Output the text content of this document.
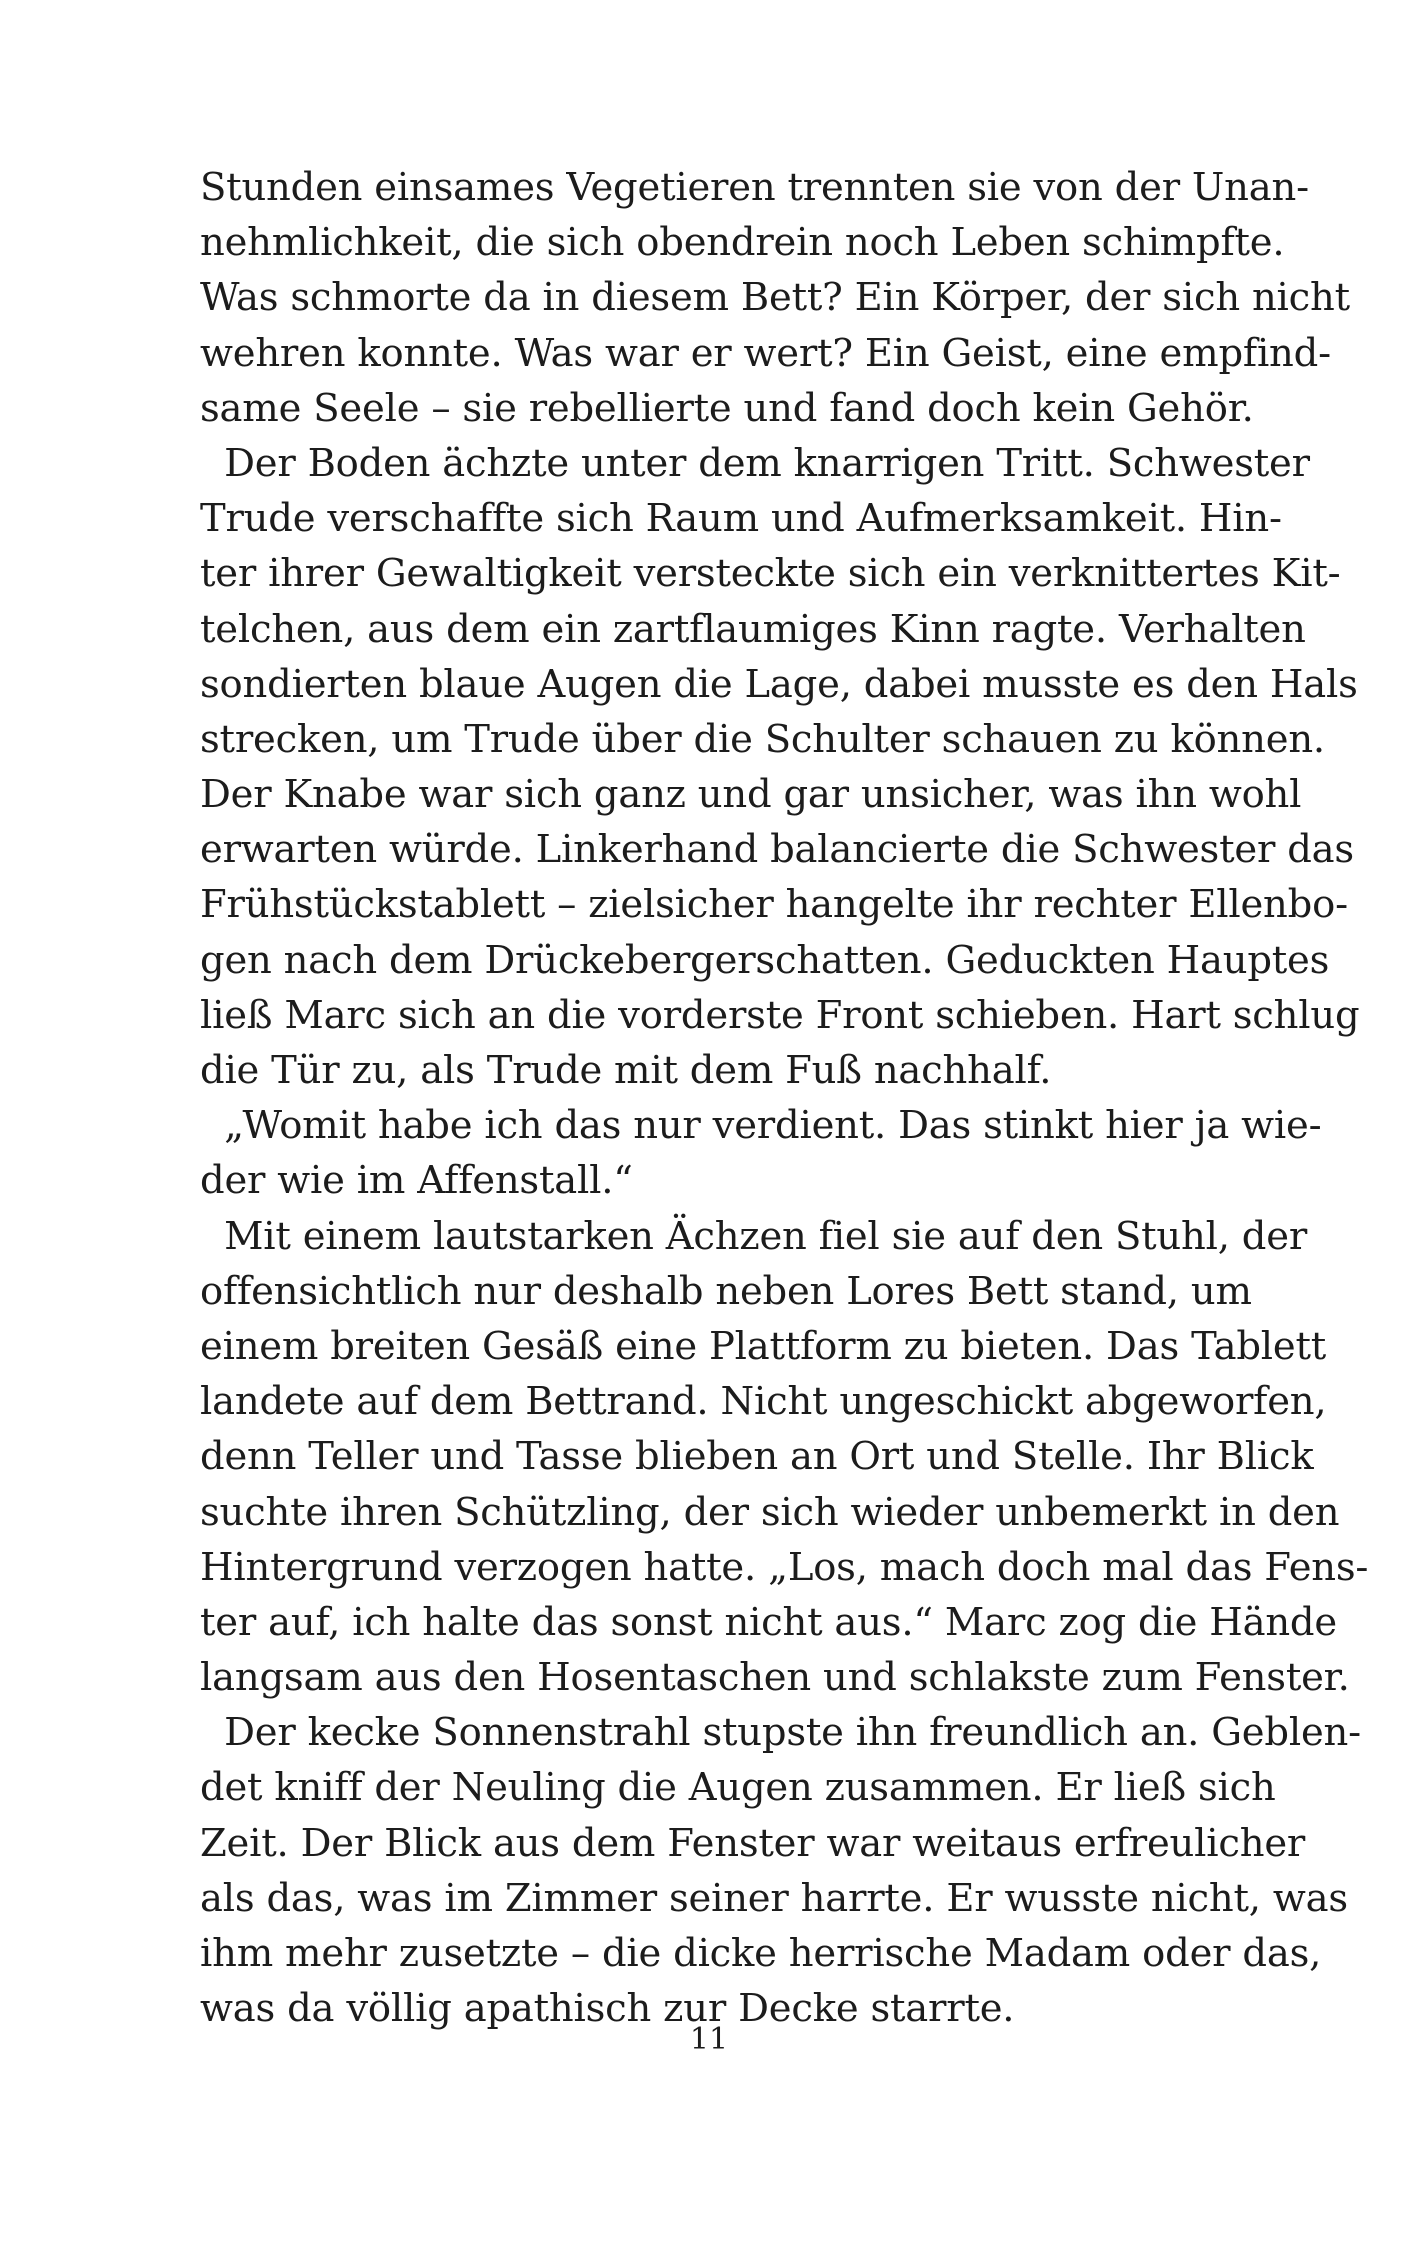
Stunden einsames Vegetieren trennten sie von der Unan-
nehmlichkeit, die sich obendrein noch Leben schimpfte.
Was schmorte da in diesem Bett? Ein Körper, der sich nicht
wehren konnte. Was war er wert? Ein Geist, eine empfind-
same Seele – sie rebellierte und fand doch kein Gehör.
Der Boden ächzte unter dem knarrigen Tritt. Schwester
Trude verschaffte sich Raum und Aufmerksamkeit. Hin-
ter ihrer Gewaltigkeit versteckte sich ein verknittertes Kit-
telchen, aus dem ein zartflaumiges Kinn ragte. Verhalten
sondierten blaue Augen die Lage, dabei musste es den Hals
strecken, um Trude über die Schulter schauen zu können.
Der Knabe war sich ganz und gar unsicher, was ihn wohl
erwarten würde. Linkerhand balancierte die Schwester das
Frühstückstablett – zielsicher hangelte ihr rechter Ellenbo-
gen nach dem Drückebergerschatten. Geduckten Hauptes
ließ Marc sich an die vorderste Front schieben. Hart schlug
die Tür zu, als Trude mit dem Fuß nachhalf.
„Womit habe ich das nur verdient. Das stinkt hier ja wie-
der wie im Affenstall.“
Mit einem lautstarken Ächzen fiel sie auf den Stuhl, der
offensichtlich nur deshalb neben Lores Bett stand, um
einem breiten Gesäß eine Plattform zu bieten. Das Tablett
landete auf dem Bettrand. Nicht ungeschickt abgeworfen,
denn Teller und Tasse blieben an Ort und Stelle. Ihr Blick
suchte ihren Schützling, der sich wieder unbemerkt in den
Hintergrund verzogen hatte. „Los, mach doch mal das Fens-
ter auf, ich halte das sonst nicht aus.“ Marc zog die Hände
langsam aus den Hosentaschen und schlakste zum Fenster.
Der kecke Sonnenstrahl stupste ihn freundlich an. Geblen-
det kniff der Neuling die Augen zusammen. Er ließ sich
Zeit. Der Blick aus dem Fenster war weitaus erfreulicher
als das, was im Zimmer seiner harrte. Er wusste nicht, was
ihm mehr zusetzte – die dicke herrische Madam oder das,
was da völlig apathisch zur Decke starrte.
11
